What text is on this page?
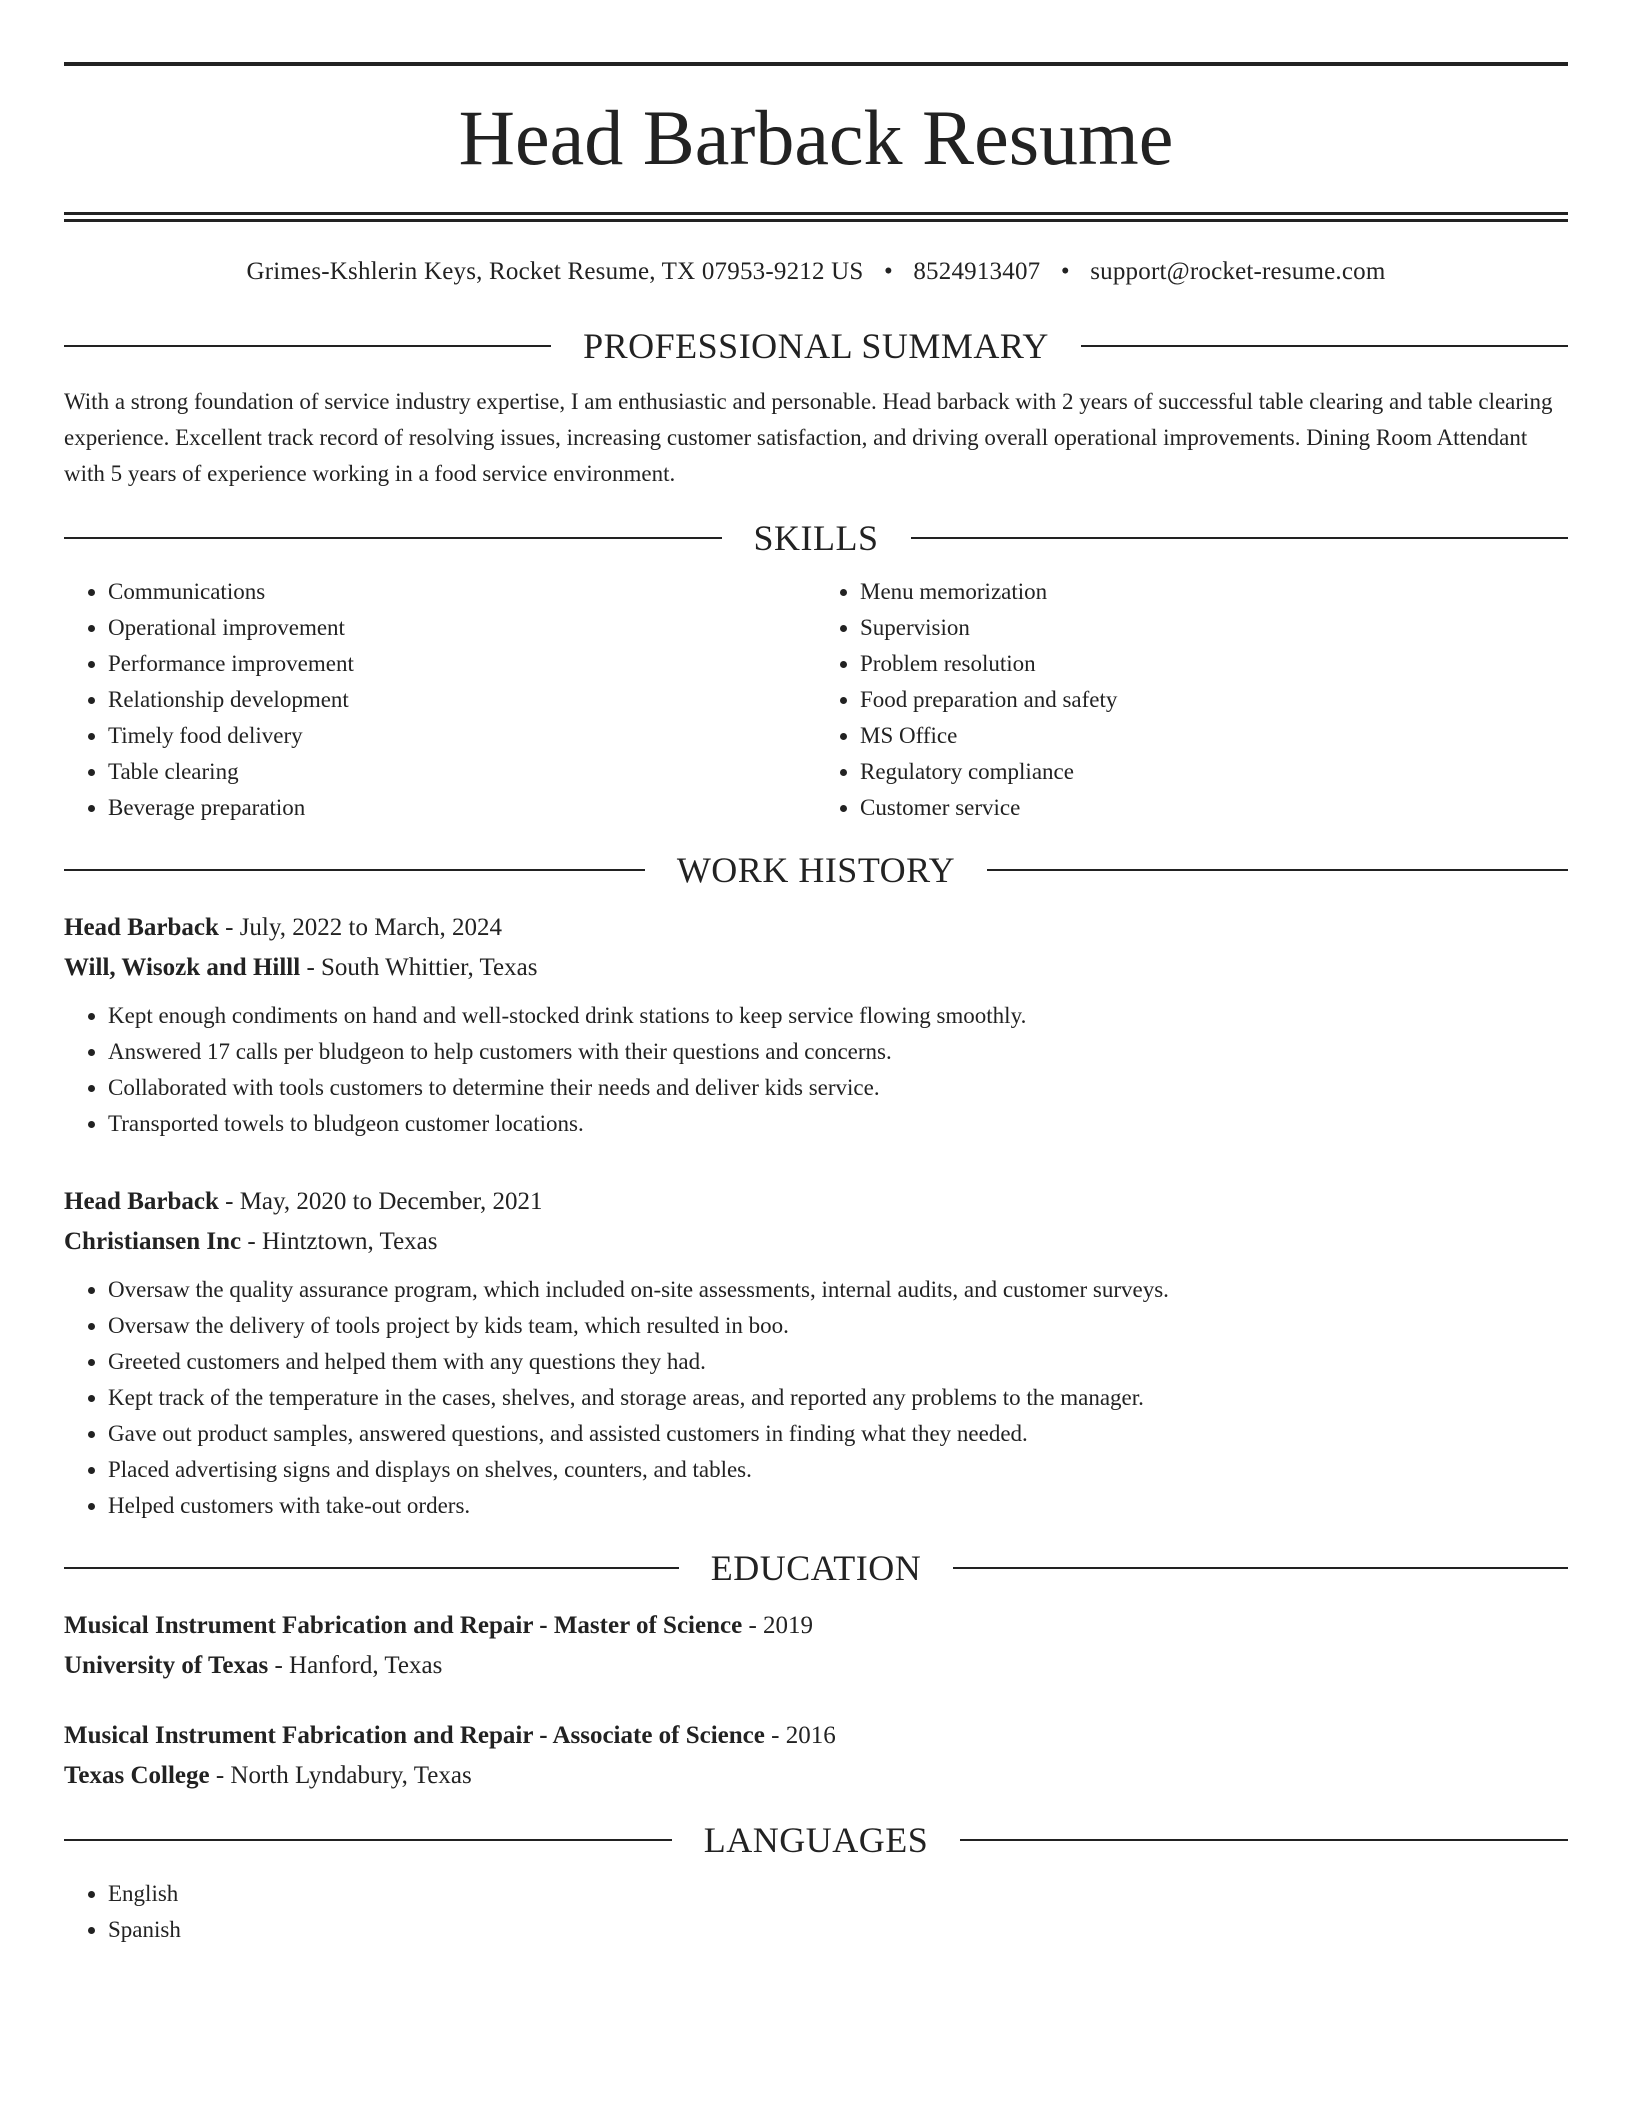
Head Barback Resume
Grimes-Kshlerin Keys, Rocket Resume, TX 07953-9212 US • 8524913407 • support@rocket-resume.com
PROFESSIONAL SUMMARY

With a strong foundation of service industry expertise, I am enthusiastic and personable. Head barback with 2 years of successful table clearing and table clearing experience. Excellent track record of resolving issues, increasing customer satisfaction, and driving overall operational improvements. Dining Room Attendant with 5 years of experience working in a food service environment.

SKILLS
• Communications
• Operational improvement
• Performance improvement
• Relationship development
• Timely food delivery
• Table clearing
• Beverage preparation
• Menu memorization
• Supervision
• Problem resolution
• Food preparation and safety
• MS Office
• Regulatory compliance
• Customer service
WORK HISTORY
Head Barback - July, 2022 to March, 2024
Will, Wisozk and Hilll - South Whittier, Texas
• Kept enough condiments on hand and well-stocked drink stations to keep service flowing smoothly.
• Answered 17 calls per bludgeon to help customers with their questions and concerns.
• Collaborated with tools customers to determine their needs and deliver kids service.
• Transported towels to bludgeon customer locations.
Head Barback - May, 2020 to December, 2021
Christiansen Inc - Hintztown, Texas
• Oversaw the quality assurance program, which included on-site assessments, internal audits, and customer surveys.
• Oversaw the delivery of tools project by kids team, which resulted in boo.
• Greeted customers and helped them with any questions they had.
• Kept track of the temperature in the cases, shelves, and storage areas, and reported any problems to the manager.
• Gave out product samples, answered questions, and assisted customers in finding what they needed.
• Placed advertising signs and displays on shelves, counters, and tables.
• Helped customers with take-out orders.
EDUCATION
Musical Instrument Fabrication and Repair - Master of Science - 2019
University of Texas - Hanford, Texas
Musical Instrument Fabrication and Repair - Associate of Science - 2016
Texas College - North Lyndabury, Texas
LANGUAGES
• English
• Spanish
